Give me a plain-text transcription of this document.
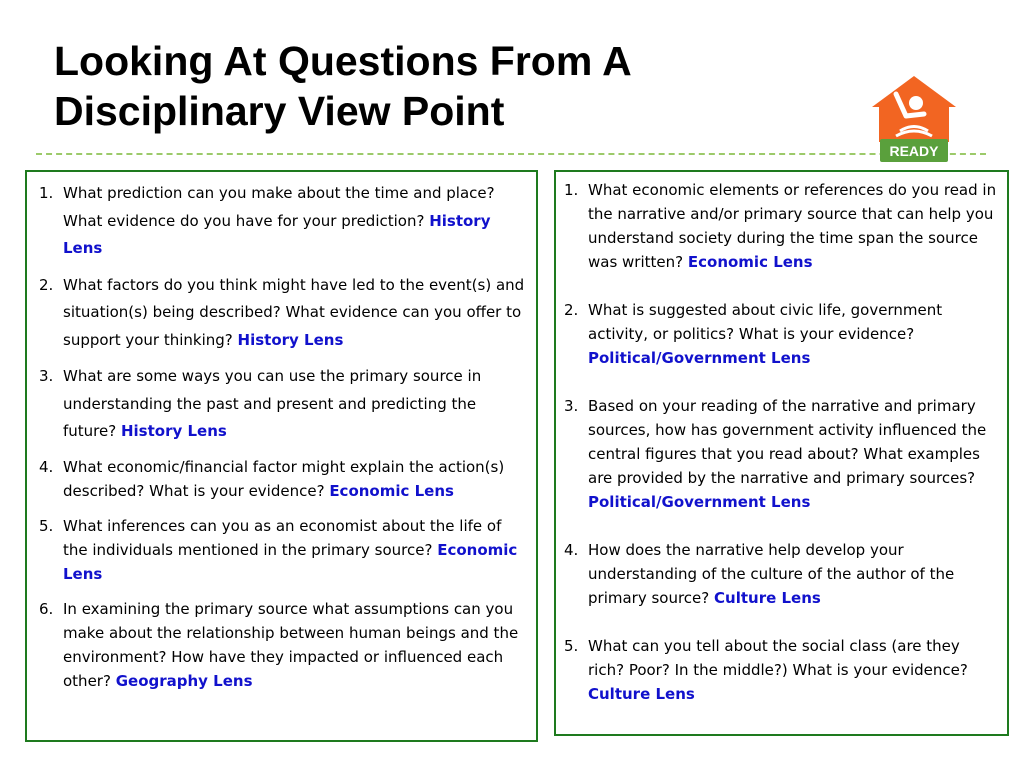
Looking At Questions From A
Disciplinary View Point
READY
1. What prediction can you make about the time and place? What evidence do you have for your prediction? History Lens
2. What factors do you think might have led to the event(s) and situation(s) being described? What evidence can you offer to support your thinking? History Lens
3. What are some ways you can use the primary source in understanding the past and present and predicting the future? History Lens
4. What economic/financial factor might explain the action(s) described? What is your evidence? Economic Lens
5. What inferences can you as an economist about the life of the individuals mentioned in the primary source? Economic Lens
6. In examining the primary source what assumptions can you make about the relationship between human beings and the environment? How have they impacted or influenced each other? Geography Lens
1. What economic elements or references do you read in the narrative and/or primary source that can help you understand society during the time span the source was written? Economic Lens
2. What is suggested about civic life, government activity, or politics? What is your evidence? Political/Government Lens
3. Based on your reading of the narrative and primary sources, how has government activity influenced the central figures that you read about? What examples are provided by the narrative and primary sources? Political/Government Lens
4. How does the narrative help develop your understanding of the culture of the author of the primary source? Culture Lens
5. What can you tell about the social class (are they rich? Poor? In the middle?) What is your evidence? Culture Lens
